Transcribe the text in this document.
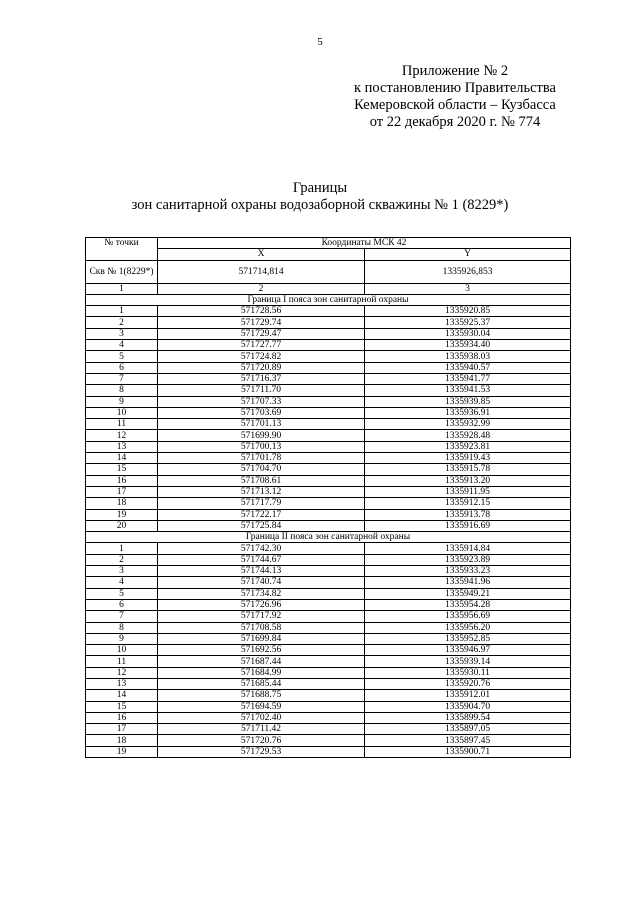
5
Приложение № 2
к постановлению Правительства
Кемеровской области – Кузбасса
от 22 декабря 2020 г. № 774
Границы
зон санитарной охраны водозаборной скважины № 1 (8229*)
№ точки	Координаты МСК 42	
	X	Y
Скв № 1(8229*)	571714,814	1335926,853
1	2	3
Граница I пояса зон санитарной охраны		
1	571728.56	1335920.85
2	571729.74	1335925.37
3	571729.47	1335930.04
4	571727.77	1335934.40
5	571724.82	1335938.03
6	571720.89	1335940.57
7	571716.37	1335941.77
8	571711.70	1335941.53
9	571707.33	1335939.85
10	571703.69	1335936.91
11	571701.13	1335932.99
12	571699.90	1335928.48
13	571700.13	1335923.81
14	571701.78	1335919.43
15	571704.70	1335915.78
16	571708.61	1335913.20
17	571713.12	1335911.95
18	571717.79	1335912.15
19	571722.17	1335913.78
20	571725.84	1335916.69
Граница II пояса зон санитарной охраны		
1	571742.30	1335914.84
2	571744.67	1335923.89
3	571744.13	1335933.23
4	571740.74	1335941.96
5	571734.82	1335949.21
6	571726.96	1335954.28
7	571717.92	1335956.69
8	571708.58	1335956.20
9	571699.84	1335952.85
10	571692.56	1335946.97
11	571687.44	1335939.14
12	571684.99	1335930.11
13	571685.44	1335920.76
14	571688.75	1335912.01
15	571694.59	1335904.70
16	571702.40	1335899.54
17	571711.42	1335897.05
18	571720.76	1335897.45
19	571729.53	1335900.71
